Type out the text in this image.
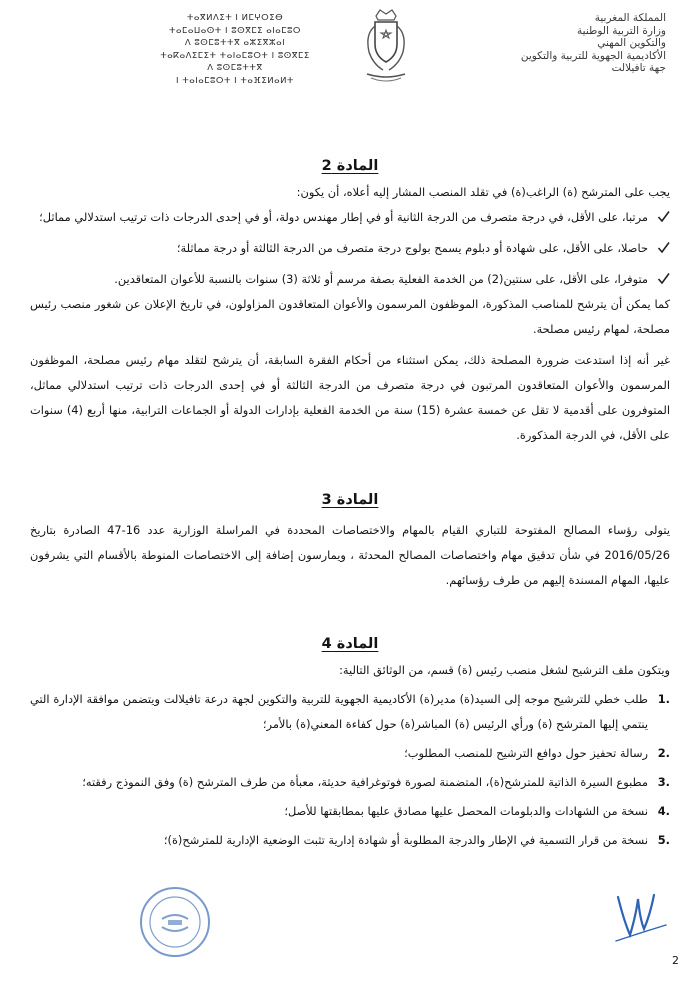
المملكة المغربية
وزارة التربية الوطنية
والتكوين المهني
الأكاديمية الجهوية للتربية والتكوين
جهة تافيلالت
ⵜⴰⴳⵍⴷⵉⵜ ⵏ ⵍⵎⵖⵔⵉⴱ
ⵜⴰⵎⴰⵡⴰⵙⵜ ⵏ ⵓⵙⴳⵎⵉ ⴰⵏⴰⵎⵓⵔ
ⴷ ⵓⵙⵎⵓⵜⵜⴳ ⴰⵣⵉⴳⵣⴰⵏ
ⵜⴰⴽⴰⴷⵉⵎⵉⵜ ⵜⴰⵏⴰⵎⵓⵔⵜ ⵏ ⵓⵙⴳⵎⵉ
ⴷ ⵓⵙⵎⵓⵜⵜⴳ
ⵏ ⵜⴰⵏⴰⵎⵓⵔⵜ ⵏ ⵜⴰⴼⵉⵍⴰⵍⵜ
المادة 2

يجب على المترشح (ة) الراغب(ة) في تقلد المنصب المشار إليه أعلاه، أن يكون:

مرتبا، على الأقل، في درجة متصرف من الدرجة الثانية أو في إطار مهندس دولة، أو في إحدى الدرجات ذات ترتيب استدلالي مماثل؛
حاصلا، على الأقل، على شهادة أو دبلوم يسمح بولوج درجة متصرف من الدرجة الثالثة أو درجة مماثلة؛
متوفرا، على الأقل، على سنتين(2) من الخدمة الفعلية بصفة مرسم أو ثلاثة (3) سنوات بالنسبة للأعوان المتعاقدين.

كما يمكن أن يترشح للمناصب المذكورة، الموظفون المرسمون والأعوان المتعاقدون المزاولون، في تاريخ الإعلان عن شغور منصب رئيس مصلحة، لمهام رئيس مصلحة.

غير أنه إذا استدعت ضرورة المصلحة ذلك، يمكن استثناء من أحكام الفقرة السابقة، أن يترشح لتقلد مهام رئيس مصلحة، الموظفون المرسمون والأعوان المتعاقدون المرتبون في درجة متصرف من الدرجة الثالثة أو في إحدى الدرجات ذات ترتيب استدلالي مماثل، المتوفرون على أقدمية لا تقل عن خمسة عشرة (15) سنة من الخدمة الفعلية بإدارات الدولة أو الجماعات الترابية، منها أربع (4) سنوات على الأقل، في الدرجة المذكورة.

المادة 3

يتولى رؤساء المصالح المفتوحة للتباري القيام بالمهام والاختصاصات المحددة في المراسلة الوزارية عدد 16-47 الصادرة بتاريخ 2016/05/26 في شأن تدقيق مهام واختصاصات المصالح المحدثة ، ويمارسون إضافة إلى الاختصاصات المنوطة بالأقسام التي يشرفون عليها، المهام المسندة إليهم من طرف رؤسائهم.

المادة 4

ويتكون ملف الترشيح لشغل منصب رئيس (ة) قسم، من الوثائق التالية:

1.
طلب خطي للترشيح موجه إلى السيد(ة) مدير(ة) الأكاديمية الجهوية للتربية والتكوين لجهة درعة تافيلالت ويتضمن موافقة الإدارة التي ينتمي إليها المترشح (ة) ورأي الرئيس (ة) المباشر(ة) حول كفاءة المعني(ة) بالأمر؛
2.
رسالة تحفيز حول دوافع الترشيح للمنصب المطلوب؛
3.
مطبوع السيرة الذاتية للمترشح(ة)، المتضمنة لصورة فوتوغرافية حديثة، معبأة من طرف المترشح (ة) وفق النموذج رفقته؛
4.
نسخة من الشهادات والدبلومات المحصل عليها مصادق عليها بمطابقتها للأصل؛
5.
نسخة من قرار التسمية في الإطار والدرجة المطلوبة أو شهادة إدارية تثبت الوضعية الإدارية للمترشح(ة)؛
2
